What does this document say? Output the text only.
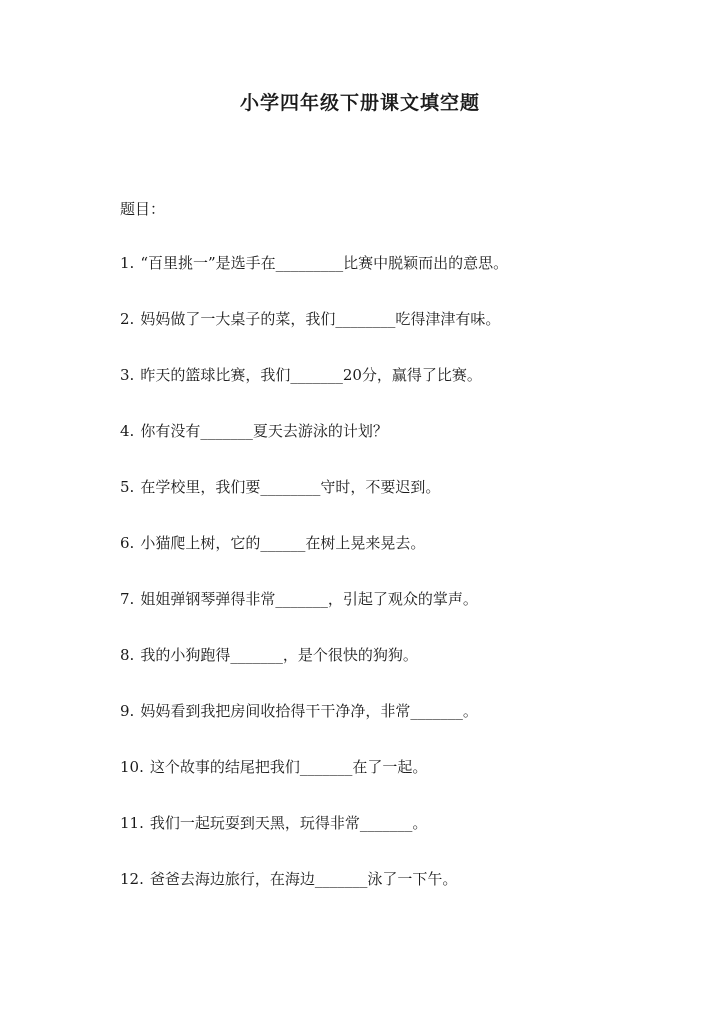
小学四年级下册课文填空题
题目：
1. “百里挑一”是选手在_________比赛中脱颖而出的意思。
2. 妈妈做了一大桌子的菜，我们________吃得津津有味。
3. 昨天的篮球比赛，我们_______20分，赢得了比赛。
4. 你有没有_______夏天去游泳的计划？
5. 在学校里，我们要________守时，不要迟到。
6. 小猫爬上树，它的______在树上晃来晃去。
7. 姐姐弹钢琴弹得非常_______，引起了观众的掌声。
8. 我的小狗跑得_______，是个很快的狗狗。
9. 妈妈看到我把房间收拾得干干净净，非常_______。
10. 这个故事的结尾把我们_______在了一起。
11. 我们一起玩耍到天黑，玩得非常_______。
12. 爸爸去海边旅行，在海边_______泳了一下午。
